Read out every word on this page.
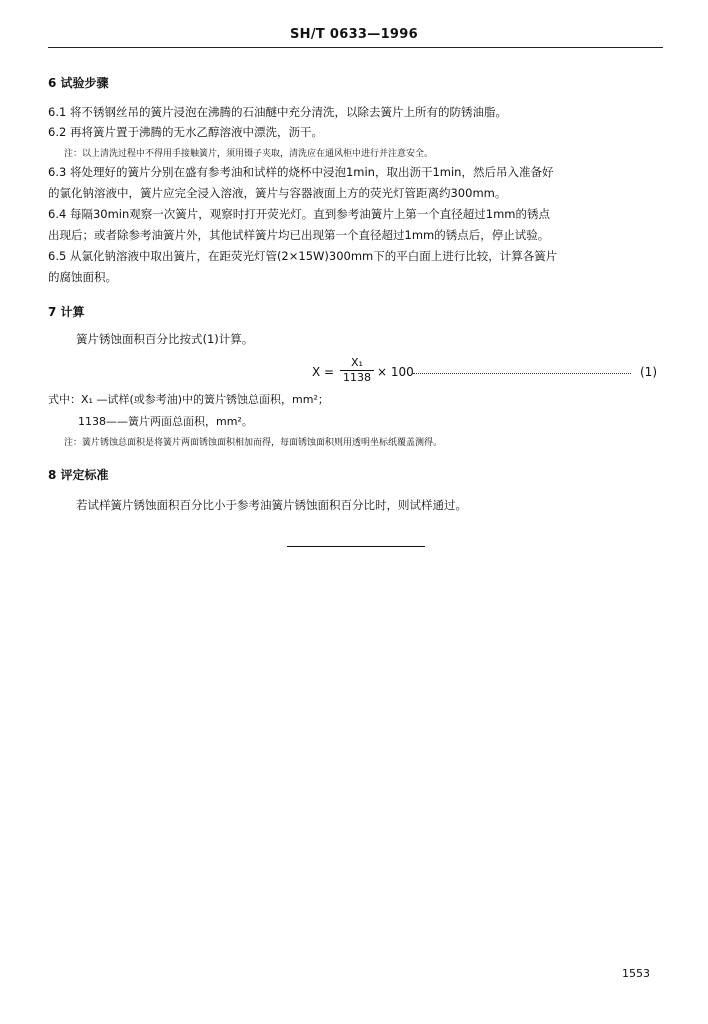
SH/T 0633—1996
6 试验步骤
6.1 将不锈钢丝吊的簧片浸泡在沸腾的石油醚中充分清洗，以除去簧片上所有的防锈油脂。
6.2 再将簧片置于沸腾的无水乙醇溶液中漂洗，沥干。
注：以上清洗过程中不得用手接触簧片，须用镊子夹取，清洗应在通风柜中进行并注意安全。
6.3 将处理好的簧片分别在盛有参考油和试样的烧杯中浸泡1min，取出沥干1min，然后吊入准备好
的氯化钠溶液中，簧片应完全浸入溶液，簧片与容器液面上方的荧光灯管距离约300mm。
6.4 每隔30min观察一次簧片，观察时打开荧光灯。直到参考油簧片上第一个直径超过1mm的锈点
出现后；或者除参考油簧片外，其他试样簧片均已出现第一个直径超过1mm的锈点后，停止试验。
6.5 从氯化钠溶液中取出簧片，在距荧光灯管(2×15W)300mm下的平白面上进行比较，计算各簧片
的腐蚀面积。
7 计算
簧片锈蚀面积百分比按式(1)计算。
$X = \frac{\text{X₁}}{1138} \times 100$	(1)
式中：X₁ —试样(或参考油)中的簧片锈蚀总面积，mm²；
1138——簧片两面总面积，mm²。
注：簧片锈蚀总面积是将簧片两面锈蚀面积相加而得，每面锈蚀面积则用透明坐标纸覆盖测得。
8 评定标准
若试样簧片锈蚀面积百分比小于参考油簧片锈蚀面积百分比时，则试样通过。
1553
